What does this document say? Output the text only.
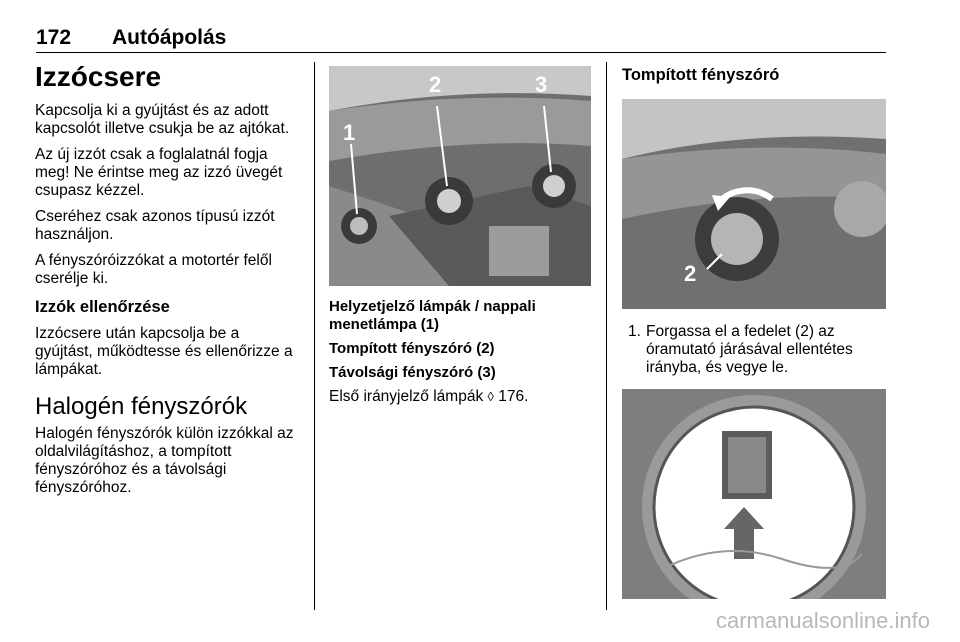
172 Autóápolás
Izzócsere

Kapcsolja ki a gyújtást és az adott kapcsolót illetve csukja be az ajtókat.

Az új izzót csak a foglalatnál fogja meg! Ne érintse meg az izzó üvegét csupasz kézzel.

Cseréhez csak azonos típusú izzót használjon.

A fényszóróizzókat a motortér felől cserélje ki.

Izzók ellenőrzése

Izzócsere után kapcsolja be a gyújtást, működtesse és ellenőrizze a lámpákat.

Halogén fényszórók

Halogén fényszórók külön izzókkal az oldalvilágításhoz, a tompított fényszóróhoz és a távolsági fényszóróhoz.

1
2	3
Helyzetjelző lámpák / nappali menetlámpa (1)
Tompított fényszóró (2)
Távolsági fényszóró (3)

Első irányjelző lámpák ◊ 176.

Tompított fényszóró
2
1. Forgassa el a fedelet (2) az óramutató járásával ellentétes irányba, és vegye le.
carmanualsonline.info
